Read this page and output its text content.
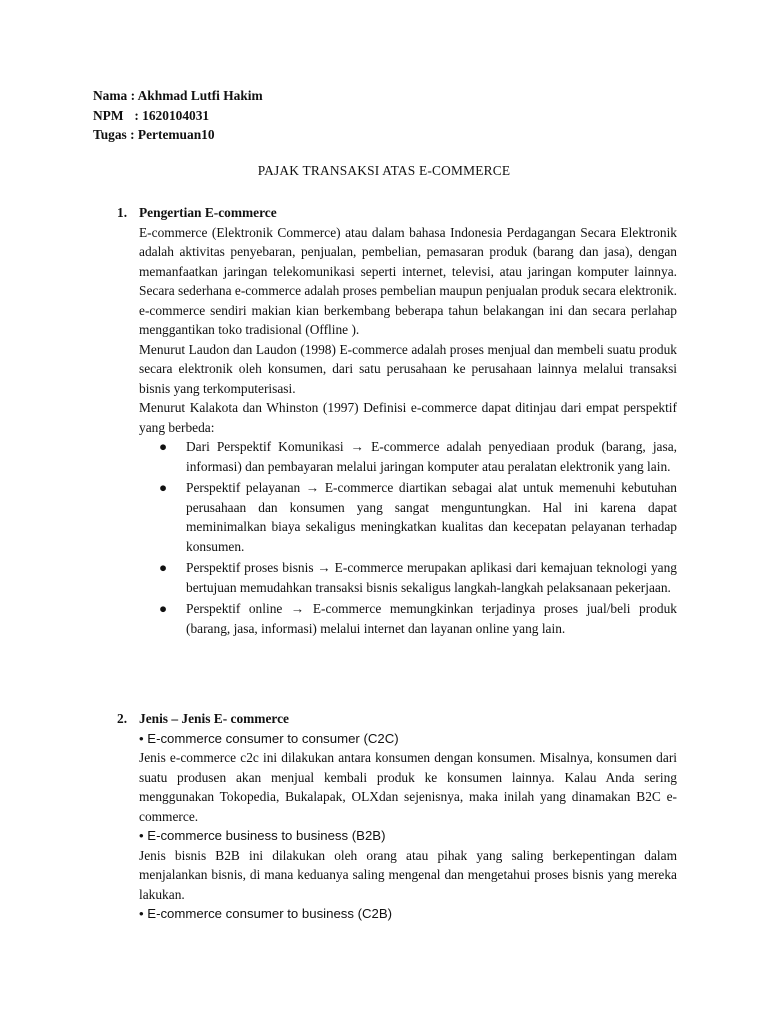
Nama : Akhmad Lutfi Hakim
NPM : 1620104031
Tugas : Pertemuan10
PAJAK TRANSAKSI ATAS E-COMMERCE
1. Pengertian E-commerce
E-commerce (Elektronik Commerce) atau dalam bahasa Indonesia Perdagangan Secara Elektronik adalah aktivitas penyebaran, penjualan, pembelian, pemasaran produk (barang dan jasa), dengan memanfaatkan jaringan telekomunikasi seperti internet, televisi, atau jaringan komputer lainnya. Secara sederhana e-commerce adalah proses pembelian maupun penjualan produk secara elektronik. e-commerce sendiri makian kian berkembang beberapa tahun belakangan ini dan secara perlahap menggantikan toko tradisional (Offline ).
Menurut Laudon dan Laudon (1998) E-commerce adalah proses menjual dan membeli suatu produk secara elektronik oleh konsumen, dari satu perusahaan ke perusahaan lainnya melalui transaksi bisnis yang terkomputerisasi.
Menurut Kalakota dan Whinston (1997) Definisi e-commerce dapat ditinjau dari empat perspektif yang berbeda:
● Dari Perspektif Komunikasi → E-commerce adalah penyediaan produk (barang, jasa, informasi) dan pembayaran melalui jaringan komputer atau peralatan elektronik yang lain.
● Perspektif pelayanan → E-commerce diartikan sebagai alat untuk memenuhi kebutuhan perusahaan dan konsumen yang sangat menguntungkan. Hal ini karena dapat meminimalkan biaya sekaligus meningkatkan kualitas dan kecepatan pelayanan terhadap konsumen.
● Perspektif proses bisnis → E-commerce merupakan aplikasi dari kemajuan teknologi yang bertujuan memudahkan transaksi bisnis sekaligus langkah-langkah pelaksanaan pekerjaan.
● Perspektif online → E-commerce memungkinkan terjadinya proses jual/beli produk (barang, jasa, informasi) melalui internet dan layanan online yang lain.
2. Jenis – Jenis E- commerce
• E-commerce consumer to consumer (C2C)
Jenis e-commerce c2c ini dilakukan antara konsumen dengan konsumen. Misalnya, konsumen dari suatu produsen akan menjual kembali produk ke konsumen lainnya. Kalau Anda sering menggunakan Tokopedia, Bukalapak, OLXdan sejenisnya, maka inilah yang dinamakan B2C e-commerce.
• E-commerce business to business (B2B)
Jenis bisnis B2B ini dilakukan oleh orang atau pihak yang saling berkepentingan dalam menjalankan bisnis, di mana keduanya saling mengenal dan mengetahui proses bisnis yang mereka lakukan.
• E-commerce consumer to business (C2B)
